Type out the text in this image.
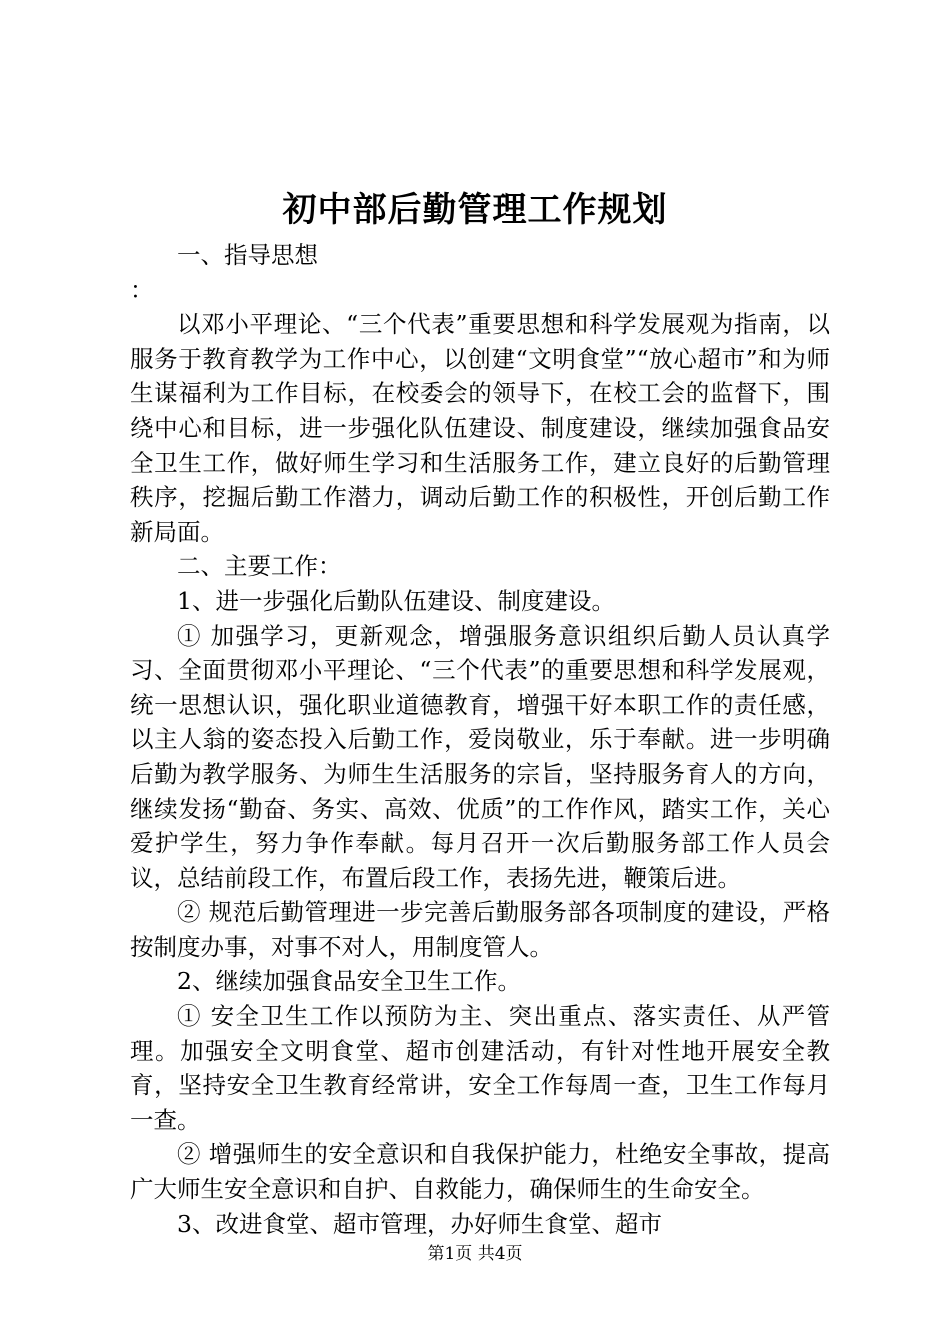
初中部后勤管理工作规划

一、指导思想

：

以邓小平理论、“三个代表”重要思想和科学发展观为指南，以服务于教育教学为工作中心，以创建“文明食堂”“放心超市”和为师生谋福利为工作目标，在校委会的领导下，在校工会的监督下，围绕中心和目标，进一步强化队伍建设、制度建设，继续加强食品安全卫生工作，做好师生学习和生活服务工作，建立良好的后勤管理秩序，挖掘后勤工作潜力，调动后勤工作的积极性，开创后勤工作新局面。

二、主要工作：

1、进一步强化后勤队伍建设、制度建设。

① 加强学习，更新观念，增强服务意识组织后勤人员认真学习、全面贯彻邓小平理论、“三个代表”的重要思想和科学发展观，统一思想认识，强化职业道德教育，增强干好本职工作的责任感，以主人翁的姿态投入后勤工作，爱岗敬业，乐于奉献。进一步明确后勤为教学服务、为师生生活服务的宗旨，坚持服务育人的方向，继续发扬“勤奋、务实、高效、优质”的工作作风，踏实工作，关心爱护学生，努力争作奉献。每月召开一次后勤服务部工作人员会议，总结前段工作，布置后段工作，表扬先进，鞭策后进。

② 规范后勤管理进一步完善后勤服务部各项制度的建设，严格按制度办事，对事不对人，用制度管人。

2、继续加强食品安全卫生工作。

① 安全卫生工作以预防为主、突出重点、落实责任、从严管理。加强安全文明食堂、超市创建活动，有针对性地开展安全教育，坚持安全卫生教育经常讲，安全工作每周一查，卫生工作每月一查。

② 增强师生的安全意识和自我保护能力，杜绝安全事故，提高广大师生安全意识和自护、自救能力，确保师生的生命安全。

3、改进食堂、超市管理，办好师生食堂、超市

第1页 共4页
